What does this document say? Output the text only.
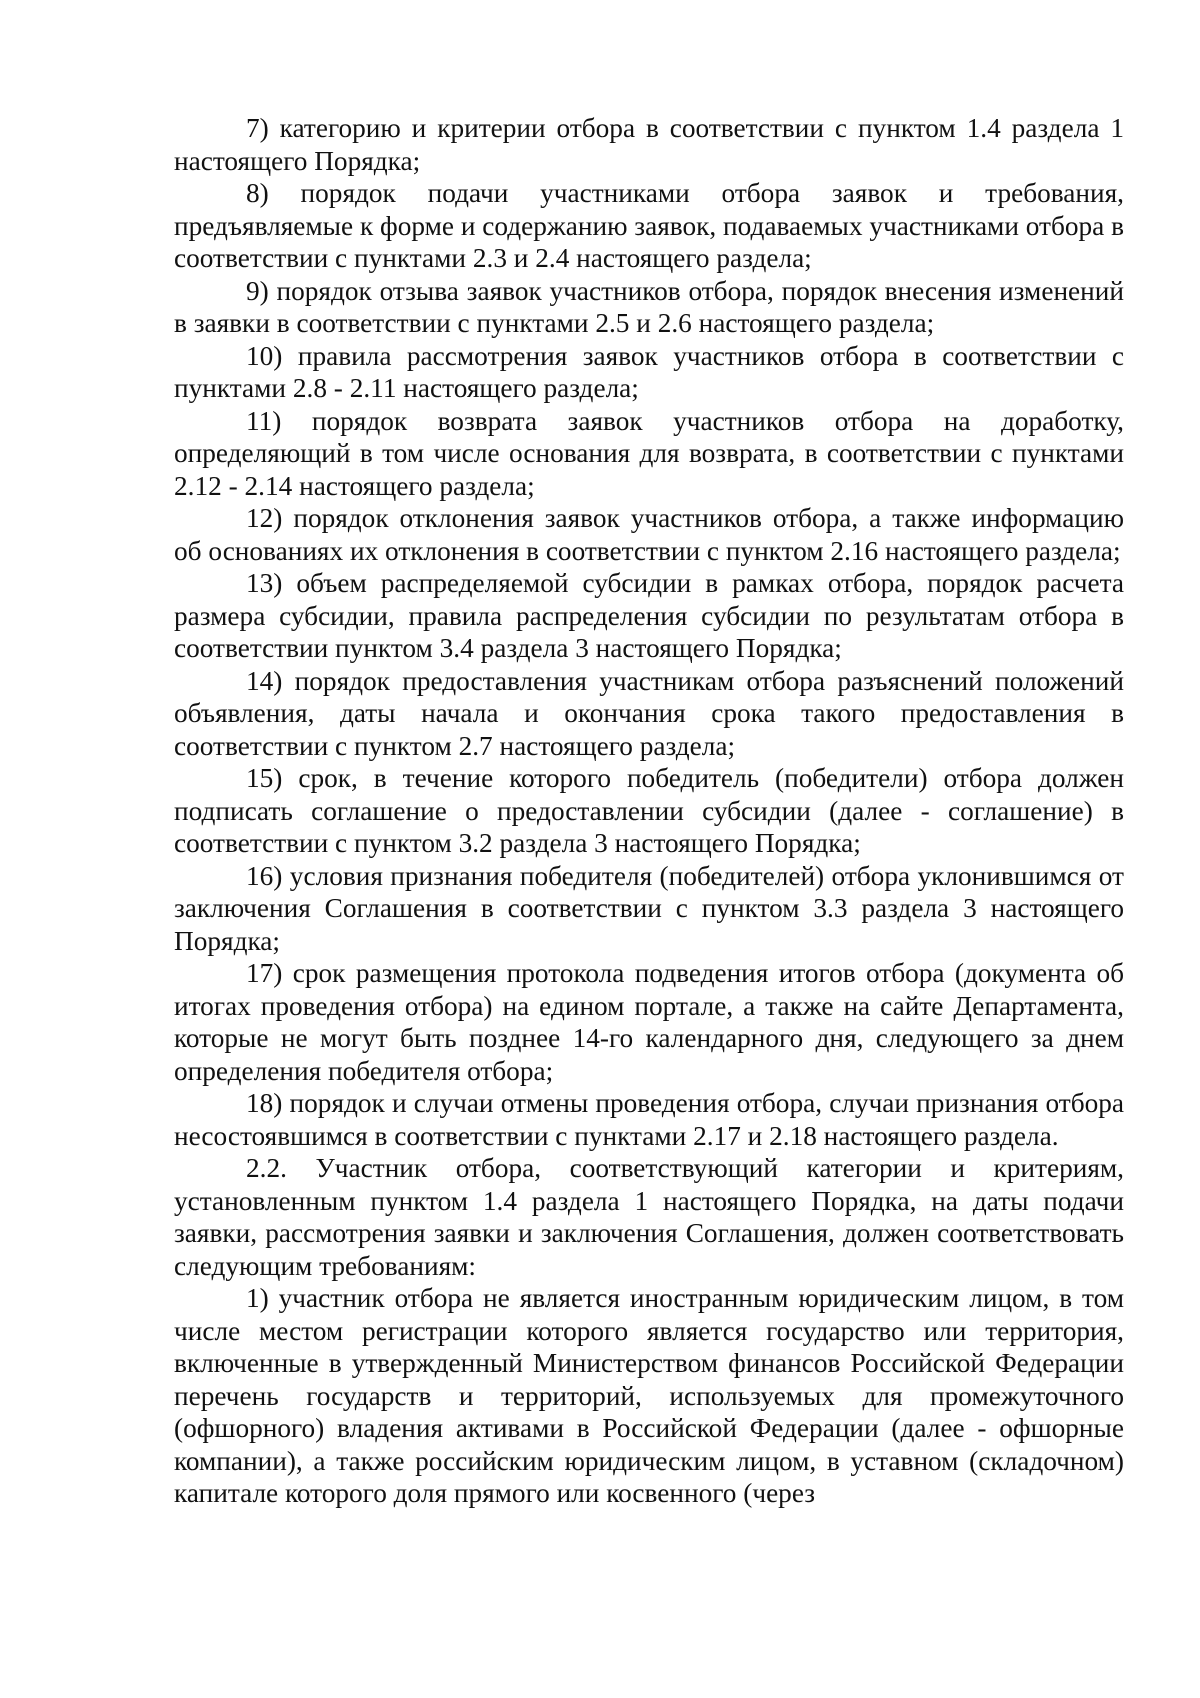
7) категорию и критерии отбора в соответствии с пунктом 1.4 раздела 1 настоящего Порядка;

8) порядок подачи участниками отбора заявок и требования, предъявляемые к форме и содержанию заявок, подаваемых участниками отбора в соответствии с пунктами 2.3 и 2.4 настоящего раздела;

9) порядок отзыва заявок участников отбора, порядок внесения изменений в заявки в соответствии с пунктами 2.5 и 2.6 настоящего раздела;

10) правила рассмотрения заявок участников отбора в соответствии с пунктами 2.8 - 2.11 настоящего раздела;

11) порядок возврата заявок участников отбора на доработку, определяющий в том числе основания для возврата, в соответствии с пунктами 2.12 - 2.14 настоящего раздела;

12) порядок отклонения заявок участников отбора, а также информацию об основаниях их отклонения в соответствии с пунктом 2.16 настоящего раздела;

13) объем распределяемой субсидии в рамках отбора, порядок расчета размера субсидии, правила распределения субсидии по результатам отбора в соответствии пунктом 3.4 раздела 3 настоящего Порядка;

14) порядок предоставления участникам отбора разъяснений положений объявления, даты начала и окончания срока такого предоставления в соответствии с пунктом 2.7 настоящего раздела;

15) срок, в течение которого победитель (победители) отбора должен подписать соглашение о предоставлении субсидии (далее - соглашение) в соответствии с пунктом 3.2 раздела 3 настоящего Порядка;

16) условия признания победителя (победителей) отбора уклонившимся от заключения Соглашения в соответствии с пунктом 3.3 раздела 3 настоящего Порядка;

17) срок размещения протокола подведения итогов отбора (документа об итогах проведения отбора) на едином портале, а также на сайте Департамента, которые не могут быть позднее 14-го календарного дня, следующего за днем определения победителя отбора;

18) порядок и случаи отмены проведения отбора, случаи признания отбора несостоявшимся в соответствии с пунктами 2.17 и 2.18 настоящего раздела.

2.2. Участник отбора, соответствующий категории и критериям, установленным пунктом 1.4 раздела 1 настоящего Порядка, на даты подачи заявки, рассмотрения заявки и заключения Соглашения, должен соответствовать следующим требованиям:

1) участник отбора не является иностранным юридическим лицом, в том числе местом регистрации которого является государство или территория, включенные в утвержденный Министерством финансов Российской Федерации перечень государств и территорий, используемых для промежуточного (офшорного) владения активами в Российской Федерации (далее - офшорные компании), а также российским юридическим лицом, в уставном (складочном) капитале которого доля прямого или косвенного (через
